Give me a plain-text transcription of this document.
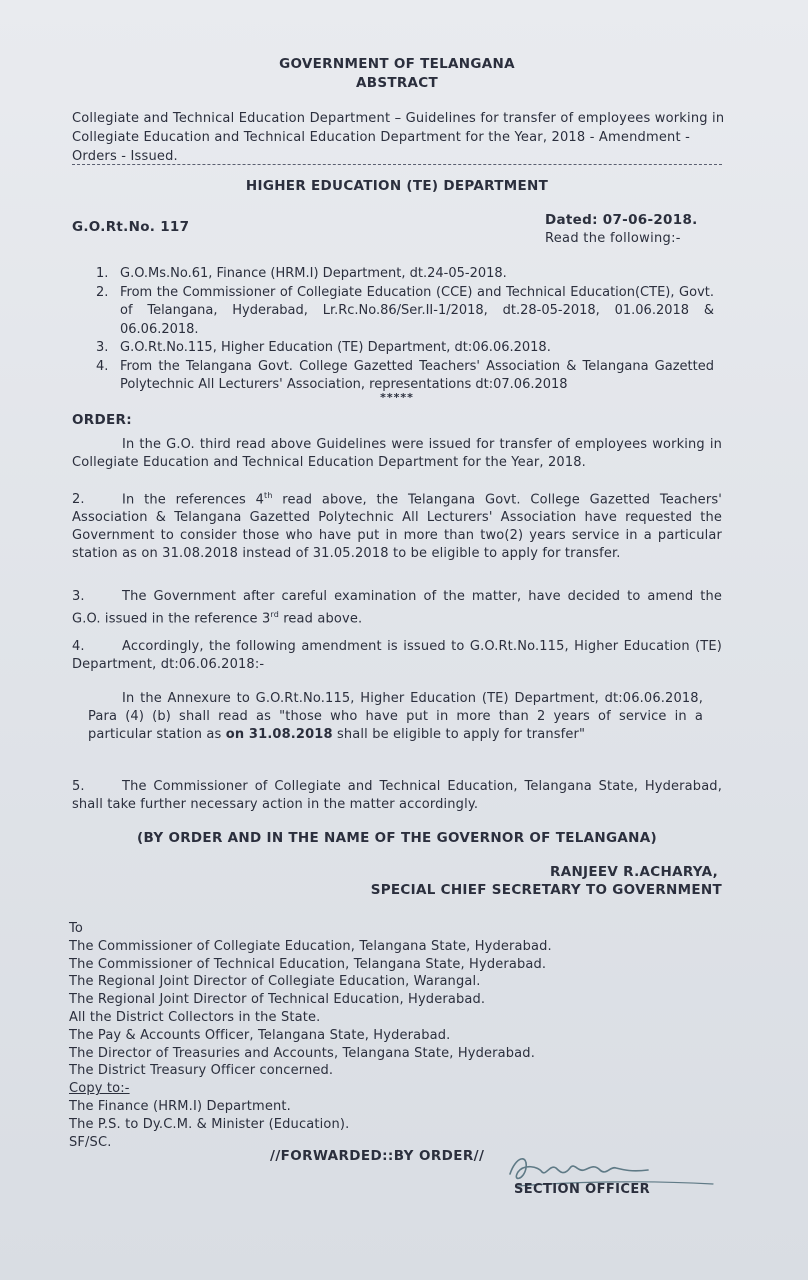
GOVERNMENT OF TELANGANA
ABSTRACT
Collegiate and Technical Education Department – Guidelines for transfer of employees working in Collegiate Education and Technical Education Department for the Year, 2018 - Amendment - Orders - Issued.
HIGHER EDUCATION (TE) DEPARTMENT
G.O.Rt.No. 117	Dated: 07-06-2018.
Read the following:-
1. G.O.Ms.No.61, Finance (HRM.I) Department, dt.24-05-2018.
2. From the Commissioner of Collegiate Education (CCE) and Technical Education(CTE), Govt. of Telangana, Hyderabad, Lr.Rc.No.86/Ser.II-1/2018, dt.28-05-2018, 01.06.2018 & 06.06.2018.
3. G.O.Rt.No.115, Higher Education (TE) Department, dt:06.06.2018.
4. From the Telangana Govt. College Gazetted Teachers' Association & Telangana Gazetted Polytechnic All Lecturers' Association, representations dt:07.06.2018
*****
ORDER:
In the G.O. third read above Guidelines were issued for transfer of employees working in Collegiate Education and Technical Education Department for the Year, 2018.
2.	In the references 4th read above, the Telangana Govt. College Gazetted Teachers' Association & Telangana Gazetted Polytechnic All Lecturers' Association have requested the Government to consider those who have put in more than two(2) years service in a particular station as on 31.08.2018 instead of 31.05.2018 to be eligible to apply for transfer.
3.	The Government after careful examination of the matter, have decided to amend the G.O. issued in the reference 3rd read above.
4.	Accordingly, the following amendment is issued to G.O.Rt.No.115, Higher Education (TE) Department, dt:06.06.2018:-
In the Annexure to G.O.Rt.No.115, Higher Education (TE) Department, dt:06.06.2018, Para (4) (b) shall read as "those who have put in more than 2 years of service in a particular station as on 31.08.2018 shall be eligible to apply for transfer"
5.	The Commissioner of Collegiate and Technical Education, Telangana State, Hyderabad, shall take further necessary action in the matter accordingly.
(BY ORDER AND IN THE NAME OF THE GOVERNOR OF TELANGANA)
RANJEEV R.ACHARYA,
SPECIAL CHIEF SECRETARY TO GOVERNMENT
To
The Commissioner of Collegiate Education, Telangana State, Hyderabad.
The Commissioner of Technical Education, Telangana State, Hyderabad.
The Regional Joint Director of Collegiate Education, Warangal.
The Regional Joint Director of Technical Education, Hyderabad.
All the District Collectors in the State.
The Pay & Accounts Officer, Telangana State, Hyderabad.
The Director of Treasuries and Accounts, Telangana State, Hyderabad.
The District Treasury Officer concerned.
Copy to:-
The Finance (HRM.I) Department.
The P.S. to Dy.C.M. & Minister (Education).
SF/SC.
//FORWARDED::BY ORDER//
SECTION OFFICER
